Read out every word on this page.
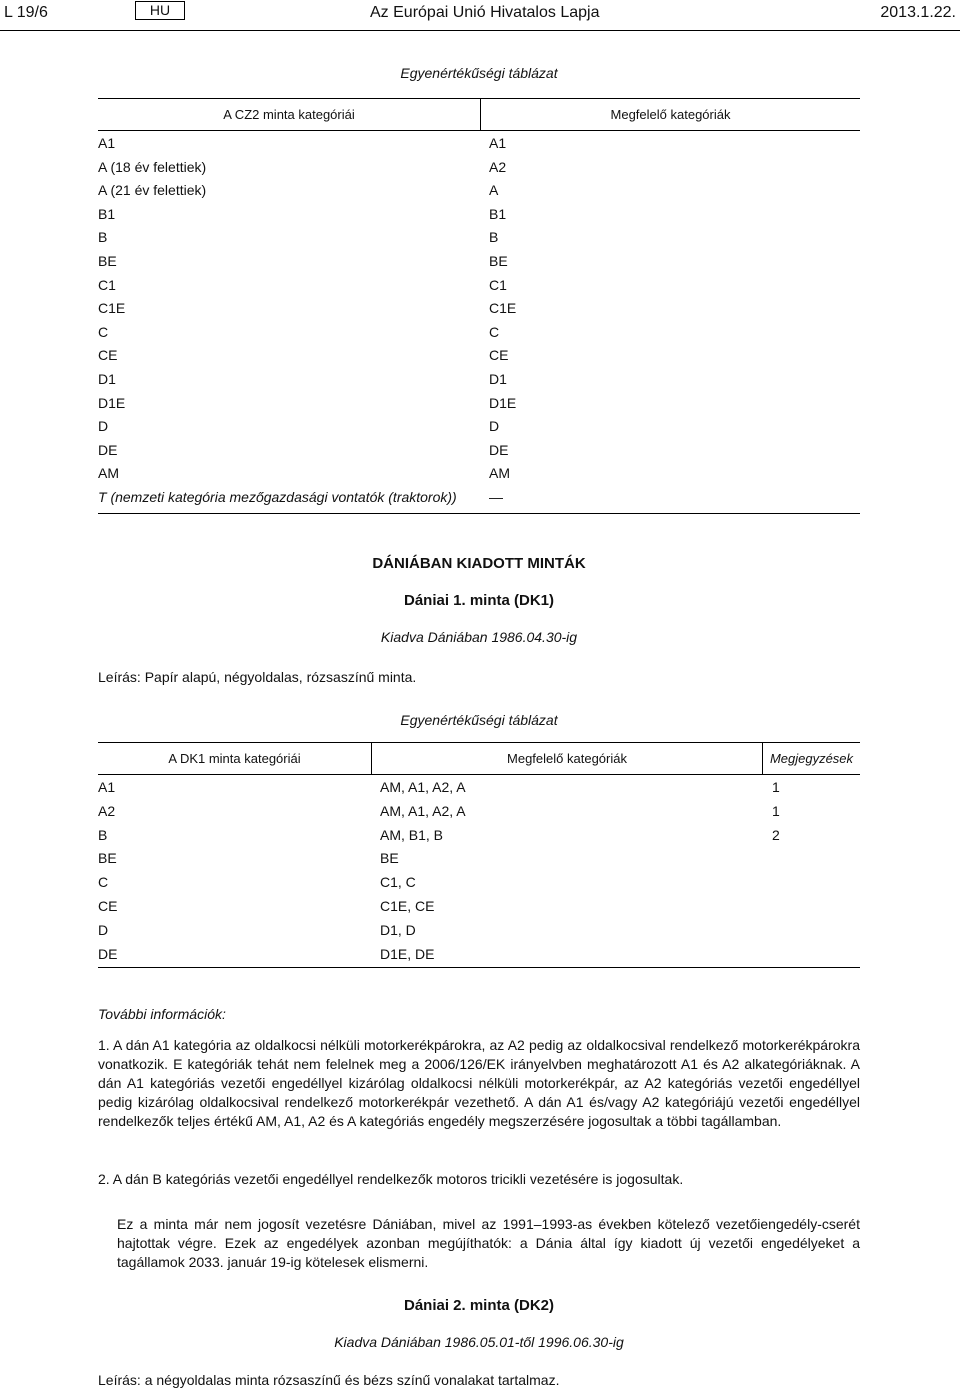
L 19/6	HU	Az Európai Unió Hivatalos Lapja	2013.1.22.
Egyenértékűségi táblázat
A CZ2 minta kategóriái	Megfelelő kategóriák
A1	A1
A (18 év felettiek)	A2
A (21 év felettiek)	A
B1	B1
B	B
BE	BE
C1	C1
C1E	C1E
C	C
CE	CE
D1	D1
D1E	D1E
D	D
DE	DE
AM	AM
T (nemzeti kategória mezőgazdasági vontatók (traktorok)) —
DÁNIÁBAN KIADOTT MINTÁK
Dániai 1. minta (DK1)
Kiadva Dániában 1986.04.30-ig
Leírás: Papír alapú, négyoldalas, rózsaszínű minta.
Egyenértékűségi táblázat
A DK1 minta kategóriái	Megfelelő kategóriák	Megjegyzések
A1	AM, A1, A2, A	1
A2	AM, A1, A2, A	1
B	AM, B1, B	2
BE	BE
C	C1, C
CE	C1E, CE
D	D1, D
DE	D1E, DE
További információk:
1. A dán A1 kategória az oldalkocsi nélküli motorkerékpárokra, az A2 pedig az oldalkocsival rendelkező motorkerékpárokra vonatkozik. E kategóriák tehát nem felelnek meg a 2006/126/EK irányelvben meghatározott A1 és A2 alkategóriáknak. A dán A1 kategóriás vezetői engedéllyel kizárólag oldalkocsi nélküli motorkerékpár, az A2 kategóriás vezetői engedéllyel pedig kizárólag oldalkocsival rendelkező motorkerékpár vezethető. A dán A1 és/vagy A2 kategóriájú vezetői engedéllyel rendelkezők teljes értékű AM, A1, A2 és A kategóriás engedély megszerzésére jogosultak a többi tagállamban.
2. A dán B kategóriás vezetői engedéllyel rendelkezők motoros tricikli vezetésére is jogosultak.
Ez a minta már nem jogosít vezetésre Dániában, mivel az 1991–1993-as években kötelező vezetőiengedély-cserét hajtottak végre. Ezek az engedélyek azonban megújíthatók: a Dánia által így kiadott új vezetői engedélyeket a tagállamok 2033. január 19-ig kötelesek elismerni.
Dániai 2. minta (DK2)
Kiadva Dániában 1986.05.01-től 1996.06.30-ig
Leírás: a négyoldalas minta rózsaszínű és bézs színű vonalakat tartalmaz.
